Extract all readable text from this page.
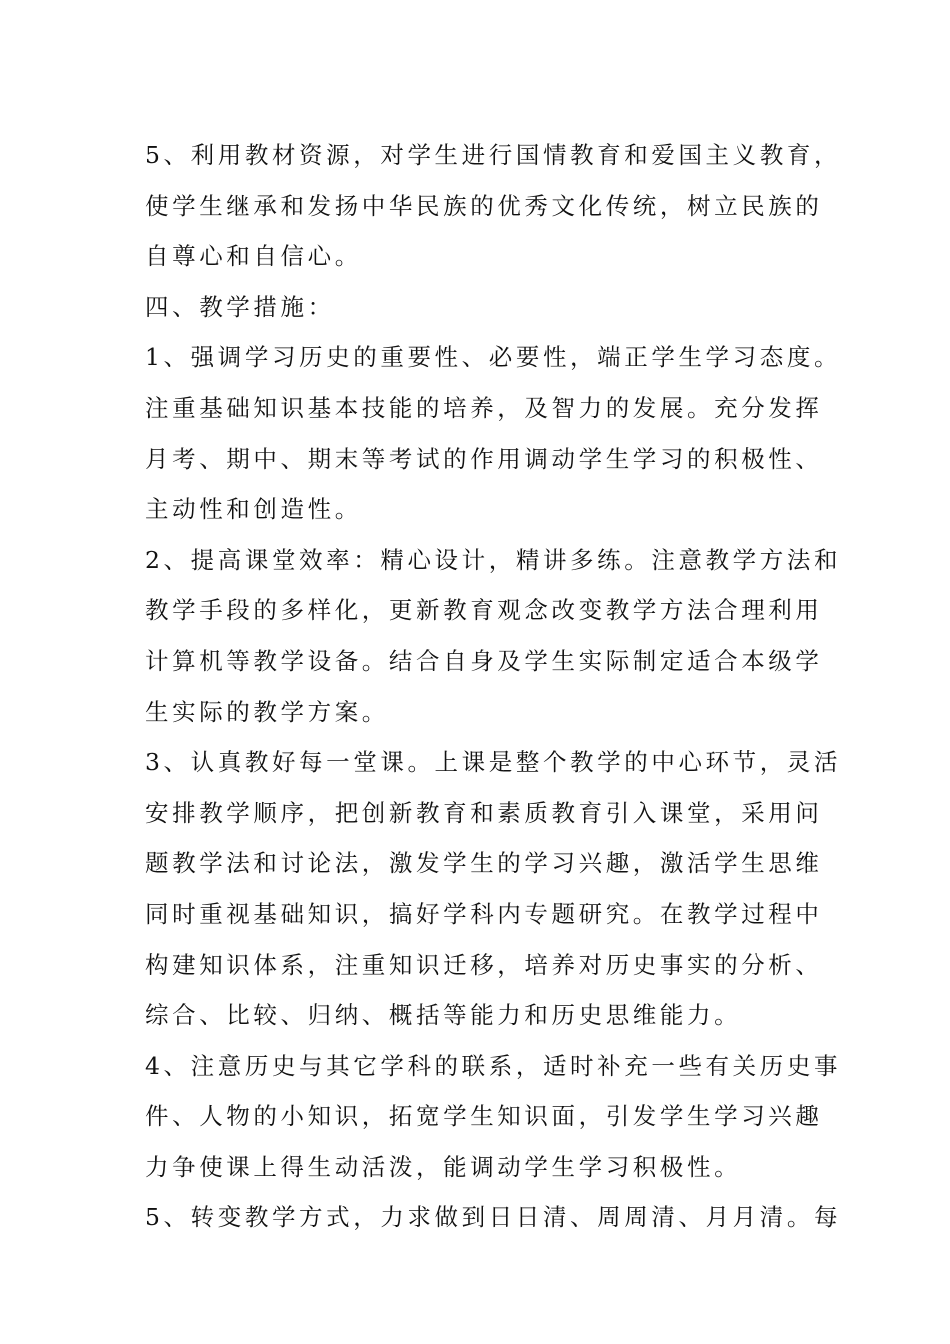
5、利用教材资源，对学生进行国情教育和爱国主义教育，
使学生继承和发扬中华民族的优秀文化传统，树立民族的
自尊心和自信心。
四、教学措施：
1、强调学习历史的重要性、必要性，端正学生学习态度。
注重基础知识基本技能的培养，及智力的发展。充分发挥
月考、期中、期末等考试的作用调动学生学习的积极性、
主动性和创造性。
2、提高课堂效率：精心设计，精讲多练。注意教学方法和
教学手段的多样化，更新教育观念改变教学方法合理利用
计算机等教学设备。结合自身及学生实际制定适合本级学
生实际的教学方案。
3、认真教好每一堂课。上课是整个教学的中心环节，灵活
安排教学顺序，把创新教育和素质教育引入课堂，采用问
题教学法和讨论法，激发学生的学习兴趣，激活学生思维
同时重视基础知识，搞好学科内专题研究。在教学过程中
构建知识体系，注重知识迁移，培养对历史事实的分析、
综合、比较、归纳、概括等能力和历史思维能力。
4、注意历史与其它学科的联系，适时补充一些有关历史事
件、人物的小知识，拓宽学生知识面，引发学生学习兴趣
力争使课上得生动活泼，能调动学生学习积极性。
5、转变教学方式，力求做到日日清、周周清、月月清。每
